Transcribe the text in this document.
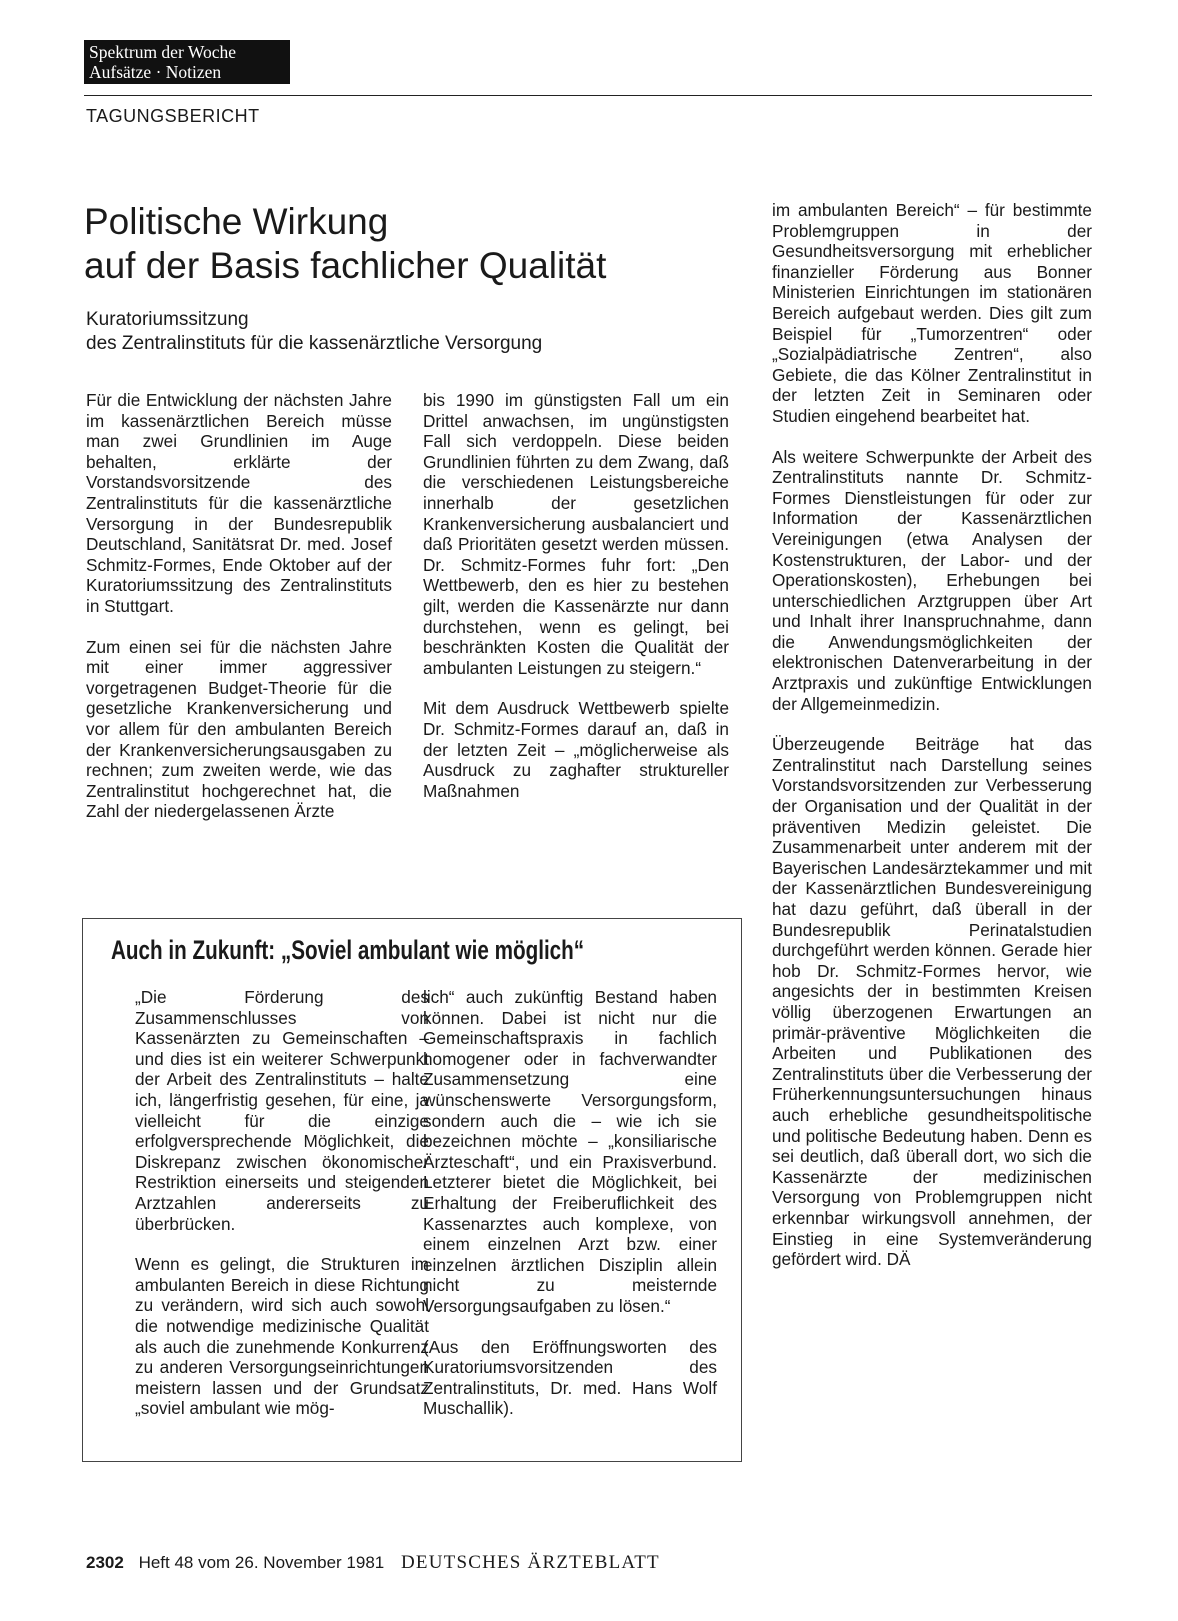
Spektrum der Woche
Aufsätze · Notizen
TAGUNGSBERICHT
Politische Wirkung
auf der Basis fachlicher Qualität
Kuratoriumssitzung
des Zentralinstituts für die kassenärztliche Versorgung

Für die Entwicklung der nächsten Jahre im kassenärztlichen Bereich müsse man zwei Grundlinien im Auge behalten, erklärte der Vorstandsvorsitzende des Zentralinstituts für die kassenärztliche Versorgung in der Bundesrepublik Deutschland, Sanitätsrat Dr. med. Josef Schmitz-Formes, Ende Oktober auf der Kuratoriumssitzung des Zentralinstituts in Stuttgart.

Zum einen sei für die nächsten Jahre mit einer immer aggressiver vorgetragenen Budget-Theorie für die gesetzliche Krankenversicherung und vor allem für den ambulanten Bereich der Krankenversicherungsausgaben zu rechnen; zum zweiten werde, wie das Zentralinstitut hochgerechnet hat, die Zahl der niedergelassenen Ärzte

bis 1990 im günstigsten Fall um ein Drittel anwachsen, im ungünstigsten Fall sich verdoppeln. Diese beiden Grundlinien führten zu dem Zwang, daß die verschiedenen Leistungsbereiche innerhalb der gesetzlichen Krankenversicherung ausbalanciert und daß Prioritäten gesetzt werden müssen. Dr. Schmitz-Formes fuhr fort: „Den Wettbewerb, den es hier zu bestehen gilt, werden die Kassenärzte nur dann durchstehen, wenn es gelingt, bei beschränkten Kosten die Qualität der ambulanten Leistungen zu steigern.“

Mit dem Ausdruck Wettbewerb spielte Dr. Schmitz-Formes darauf an, daß in der letzten Zeit – „möglicherweise als Ausdruck zu zaghafter struktureller Maßnahmen

im ambulanten Bereich“ – für bestimmte Problemgruppen in der Gesundheitsversorgung mit erheblicher finanzieller Förderung aus Bonner Ministerien Einrichtungen im stationären Bereich aufgebaut werden. Dies gilt zum Beispiel für „Tumorzentren“ oder „Sozialpädiatrische Zentren“, also Gebiete, die das Kölner Zentralinstitut in der letzten Zeit in Seminaren oder Studien eingehend bearbeitet hat.

Als weitere Schwerpunkte der Arbeit des Zentralinstituts nannte Dr. Schmitz-Formes Dienstleistungen für oder zur Information der Kassenärztlichen Vereinigungen (etwa Analysen der Kostenstrukturen, der Labor- und der Operationskosten), Erhebungen bei unterschiedlichen Arztgruppen über Art und Inhalt ihrer Inanspruchnahme, dann die Anwendungsmöglichkeiten der elektronischen Datenverarbeitung in der Arztpraxis und zukünftige Entwicklungen der Allgemeinmedizin.

Überzeugende Beiträge hat das Zentralinstitut nach Darstellung seines Vorstandsvorsitzenden zur Verbesserung der Organisation und der Qualität in der präventiven Medizin geleistet. Die Zusammenarbeit unter anderem mit der Bayerischen Landesärztekammer und mit der Kassenärztlichen Bundesvereinigung hat dazu geführt, daß überall in der Bundesrepublik Perinatalstudien durchgeführt werden können. Gerade hier hob Dr. Schmitz-Formes hervor, wie angesichts der in bestimmten Kreisen völlig überzogenen Erwartungen an primär-präventive Möglichkeiten die Arbeiten und Publikationen des Zentralinstituts über die Verbesserung der Früherkennungsuntersuchungen hinaus auch erhebliche gesundheitspolitische und politische Bedeutung haben. Denn es sei deutlich, daß überall dort, wo sich die Kassenärzte der medizinischen Versorgung von Problemgruppen nicht erkennbar wirkungsvoll annehmen, der Einstieg in eine Systemveränderung gefördert wird. DÄ

Auch in Zukunft: „Soviel ambulant wie möglich“

„Die Förderung des Zusammenschlusses von Kassenärzten zu Gemeinschaften – und dies ist ein weiterer Schwerpunkt der Arbeit des Zentralinstituts – halte ich, längerfristig gesehen, für eine, ja vielleicht für die einzige erfolgversprechende Möglichkeit, die Diskrepanz zwischen ökonomischer Restriktion einerseits und steigenden Arztzahlen andererseits zu überbrücken.

Wenn es gelingt, die Strukturen im ambulanten Bereich in diese Richtung zu verändern, wird sich auch sowohl die notwendige medizinische Qualität als auch die zunehmende Konkurrenz zu anderen Versorgungseinrichtungen meistern lassen und der Grundsatz „soviel ambulant wie mög-

lich“ auch zukünftig Bestand haben können. Dabei ist nicht nur die Gemeinschaftspraxis in fachlich homogener oder in fachverwandter Zusammensetzung eine wünschenswerte Versorgungsform, sondern auch die – wie ich sie bezeichnen möchte – „konsiliarische Ärzteschaft“, und ein Praxisverbund. Letzterer bietet die Möglichkeit, bei Erhaltung der Freiberuflichkeit des Kassenarztes auch komplexe, von einem einzelnen Arzt bzw. einer einzelnen ärztlichen Disziplin allein nicht zu meisternde Versorgungsaufgaben zu lösen.“

(Aus den Eröffnungsworten des Kuratoriumsvorsitzenden des Zentralinstituts, Dr. med. Hans Wolf Muschallik).

2302 Heft 48 vom 26. November 1981 DEUTSCHES ÄRZTEBLATT
